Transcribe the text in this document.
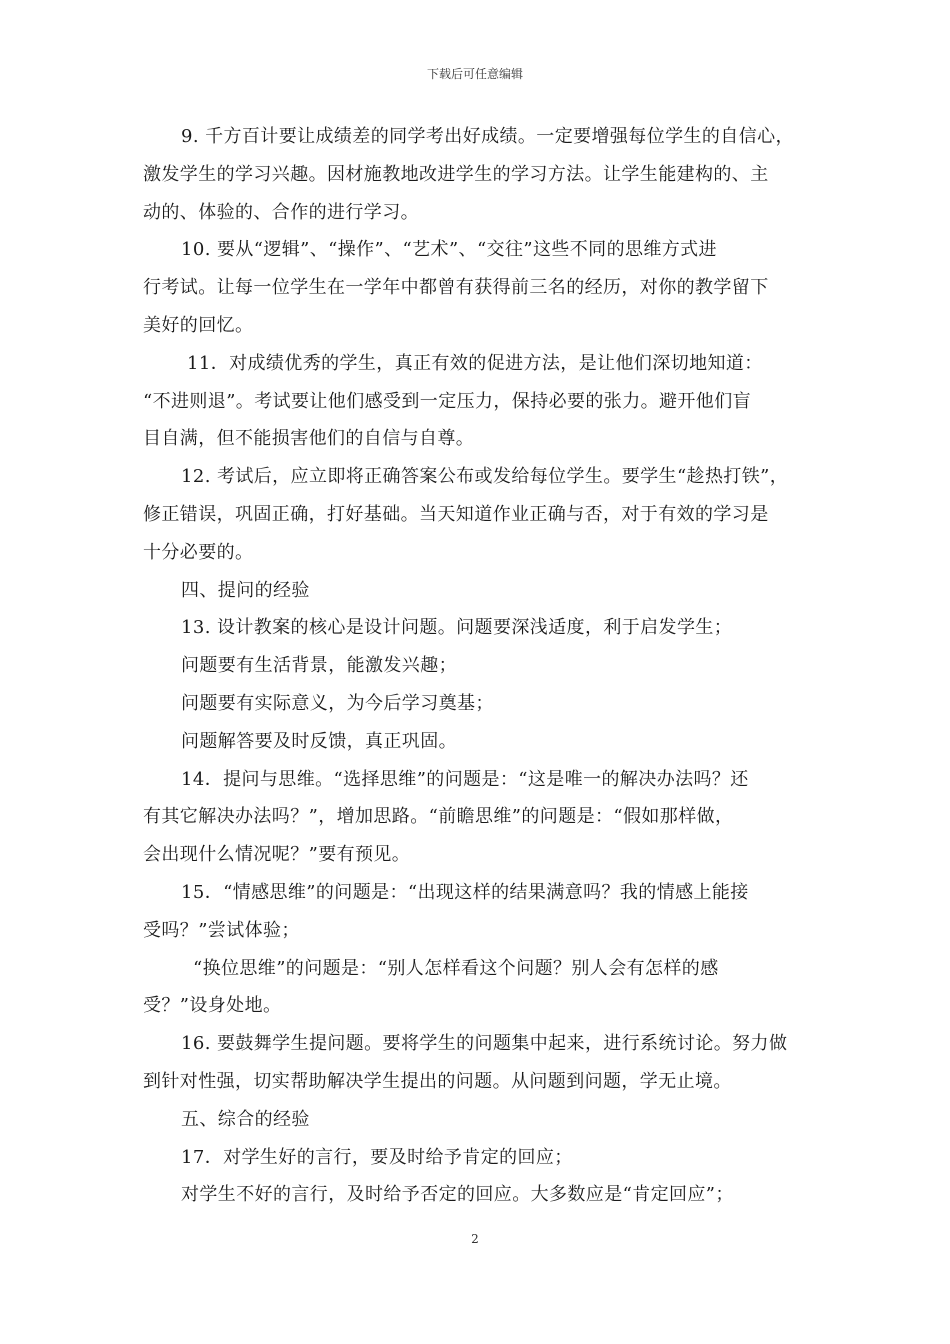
下载后可任意编辑
9. 千方百计要让成绩差的同学考出好成绩。一定要增强每位学生的自信心，
激发学生的学习兴趣。因材施教地改进学生的学习方法。让学生能建构的、主
动的、体验的、合作的进行学习。
10. 要从“逻辑”、“操作”、“艺术”、“交往”这些不同的思维方式进
行考试。让每一位学生在一学年中都曾有获得前三名的经历，对你的教学留下
美好的回忆。
11．对成绩优秀的学生，真正有效的促进方法，是让他们深切地知道：
“不进则退”。考试要让他们感受到一定压力，保持必要的张力。避开他们盲
目自满，但不能损害他们的自信与自尊。
12. 考试后，应立即将正确答案公布或发给每位学生。要学生“趁热打铁”，
修正错误，巩固正确，打好基础。当天知道作业正确与否，对于有效的学习是
十分必要的。
四、提问的经验
13. 设计教案的核心是设计问题。问题要深浅适度，利于启发学生；
问题要有生活背景，能激发兴趣；
问题要有实际意义，为今后学习奠基；
问题解答要及时反馈，真正巩固。
14．提问与思维。“选择思维”的问题是：“这是唯一的解决办法吗？还
有其它解决办法吗？”，增加思路。“前瞻思维”的问题是：“假如那样做，
会出现什么情况呢？”要有预见。
15．“情感思维”的问题是：“出现这样的结果满意吗？我的情感上能接
受吗？”尝试体验；
“换位思维”的问题是：“别人怎样看这个问题？别人会有怎样的感
受？”设身处地。
16. 要鼓舞学生提问题。要将学生的问题集中起来，进行系统讨论。努力做
到针对性强，切实帮助解决学生提出的问题。从问题到问题，学无止境。
五、综合的经验
17．对学生好的言行，要及时给予肯定的回应；
对学生不好的言行，及时给予否定的回应。大多数应是“肯定回应”；
2
